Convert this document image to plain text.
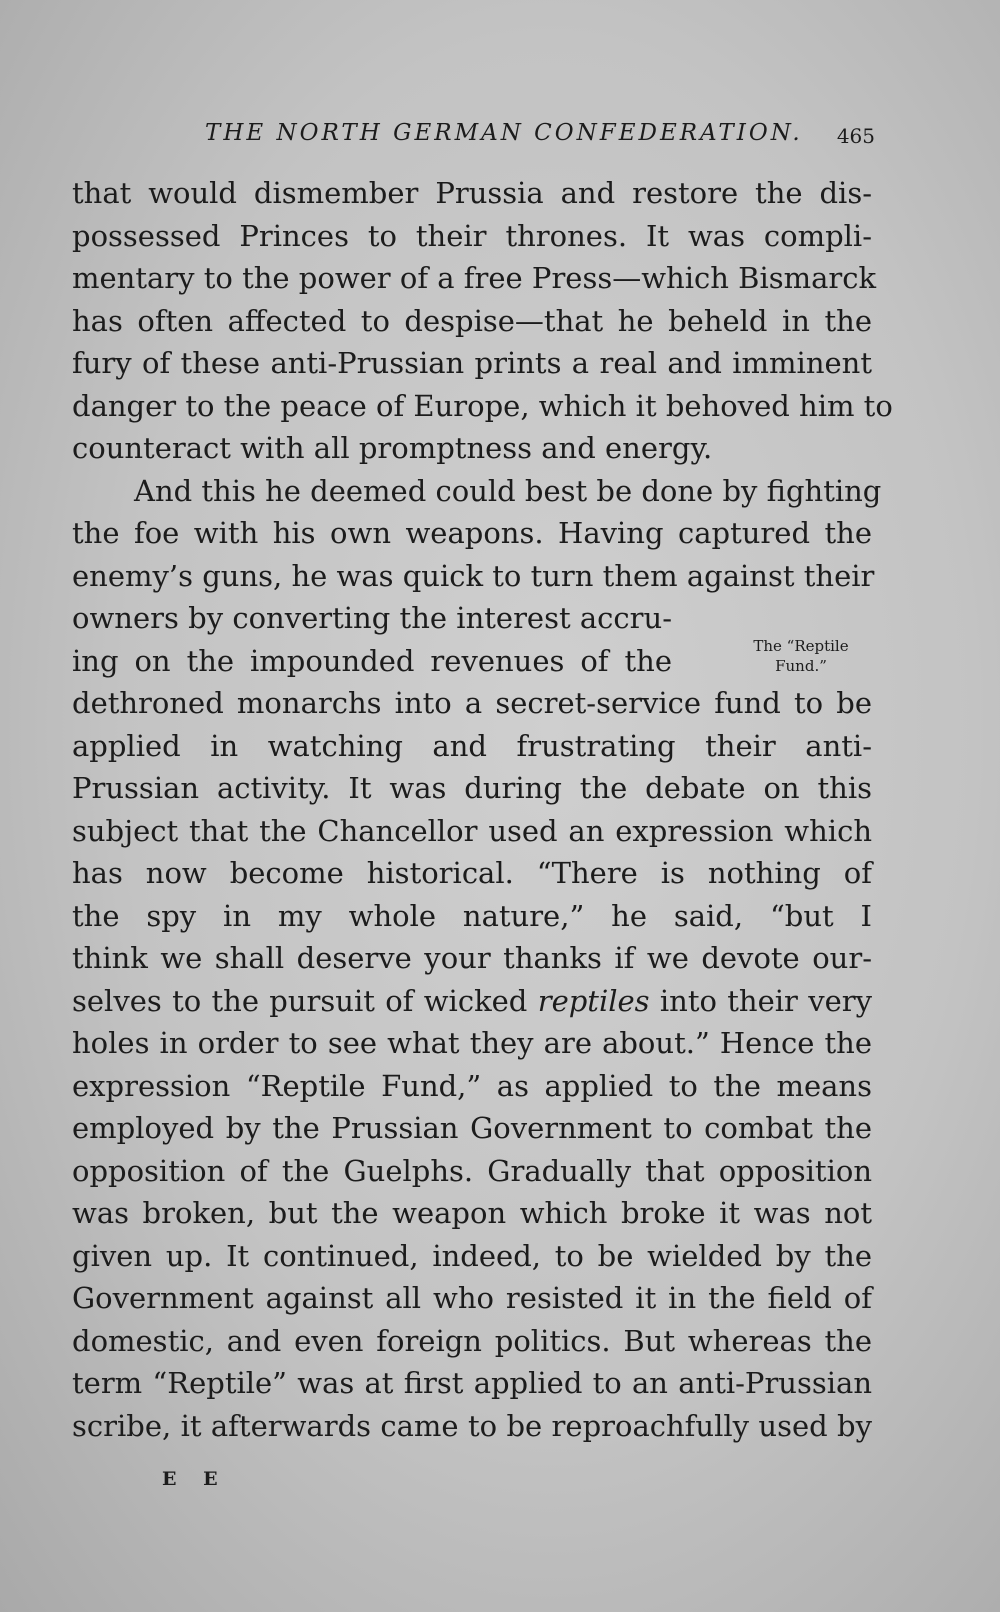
THE NORTH GERMAN CONFEDERATION. 465
that would dismember Prussia and restore the dis-
possessed Princes to their thrones. It was compli-
mentary to the power of a free Press—which Bismarck
has often affected to despise—that he beheld in the
fury of these anti-Prussian prints a real and imminent
danger to the peace of Europe, which it behoved him to
counteract with all promptness and energy.
And this he deemed could best be done by fighting
the foe with his own weapons. Having captured the
enemy’s guns, he was quick to turn them against their
owners by converting the interest accru-
ing on the impounded revenues of the
dethroned monarchs into a secret-service fund to be
applied in watching and frustrating their anti-
Prussian activity. It was during the debate on this
subject that the Chancellor used an expression which
has now become historical. “There is nothing of
the spy in my whole nature,” he said, “but I
think we shall deserve your thanks if we devote our-
selves to the pursuit of wicked reptiles into their very
holes in order to see what they are about.” Hence the
expression “Reptile Fund,” as applied to the means
employed by the Prussian Government to combat the
opposition of the Guelphs. Gradually that opposition
was broken, but the weapon which broke it was not
given up. It continued, indeed, to be wielded by the
Government against all who resisted it in the field of
domestic, and even foreign politics. But whereas the
term “Reptile” was at first applied to an anti-Prussian
scribe, it afterwards came to be reproachfully used by
The “Reptile
Fund.”
E E
